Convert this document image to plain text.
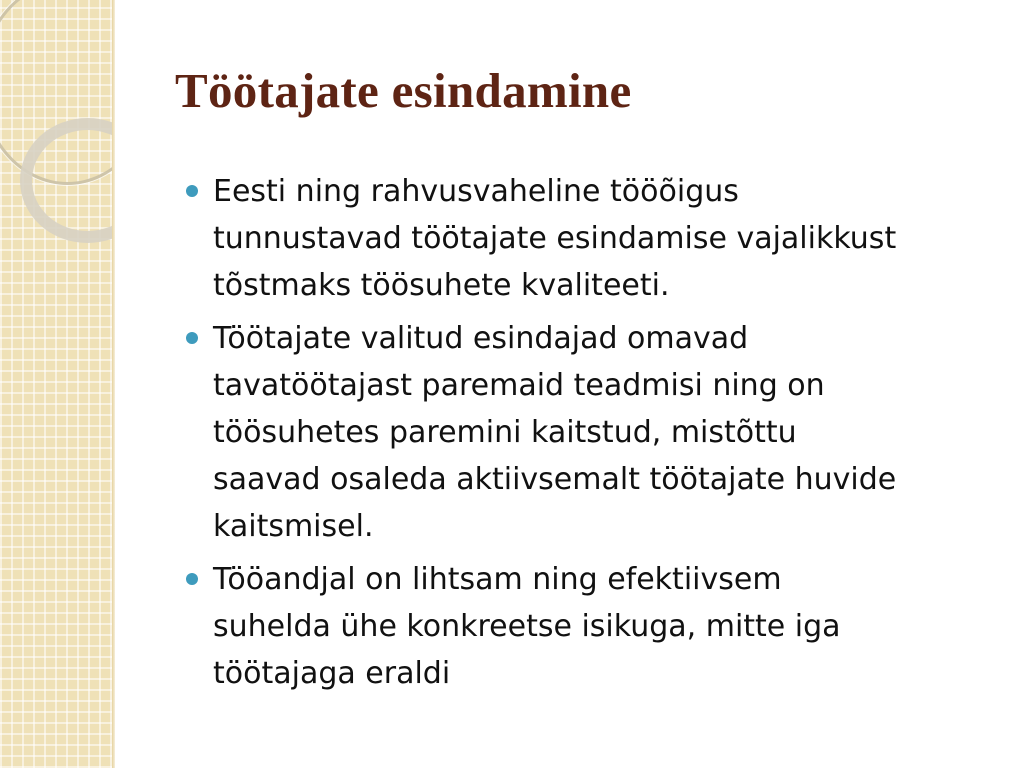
Töötajate esindamine
Eesti ning rahvusvaheline tööõigus
tunnustavad töötajate esindamise vajalikkust
tõstmaks töösuhete kvaliteeti.
Töötajate valitud esindajad omavad
tavatöötajast paremaid teadmisi ning on
töösuhetes paremini kaitstud, mistõttu
saavad osaleda aktiivsemalt töötajate huvide
kaitsmisel.
Tööandjal on lihtsam ning efektiivsem
suhelda ühe konkreetse isikuga, mitte iga
töötajaga eraldi
